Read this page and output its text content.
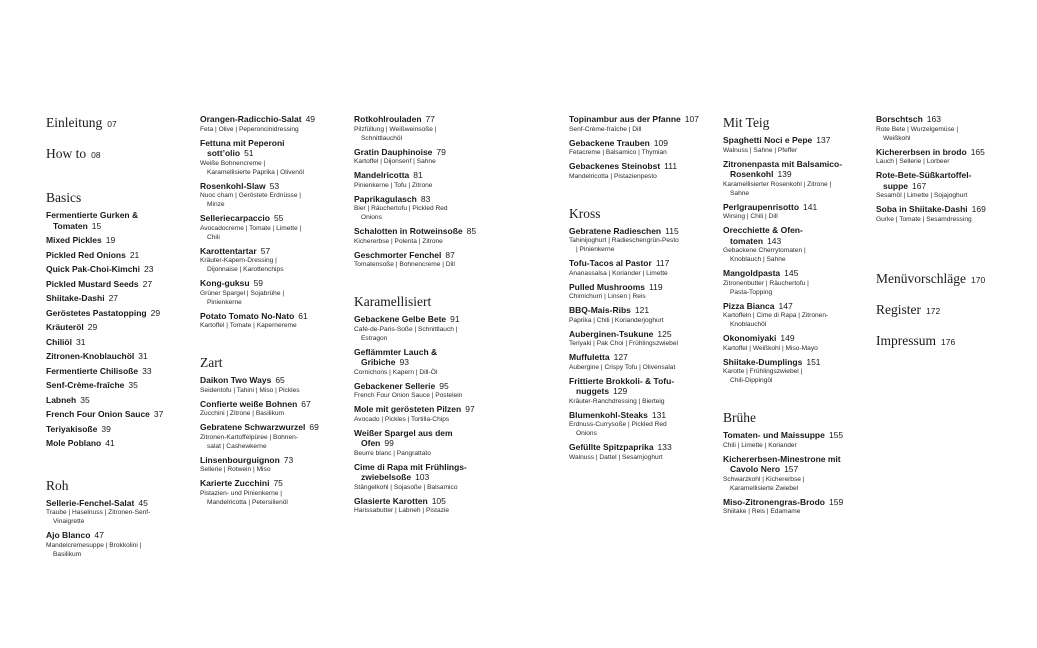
Einleitung 07
How to 08
Basics
Fermentierte Gurken &
Tomaten 15
Mixed Pickles 19
Pickled Red Onions 21
Quick Pak-Choi-Kimchi 23
Pickled Mustard Seeds 27
Shiitake-Dashi 27
Geröstetes Pastatopping 29
Kräuteröl 29
Chiliöl 31
Zitronen-Knoblauchöl 31
Fermentierte Chilisoße 33
Senf-Crème-fraîche 35
Labneh 35
French Four Onion Sauce 37
Teriyakisoße 39
Mole Poblano 41
Roh
Sellerie-Fenchel-Salat 45
Traube | Haselnuss | Zitronen-Senf-
Vinaigrette
Ajo Blanco 47
Mandelcremesuppe | Brokkolini |
Basilikum
Orangen-Radicchio-Salat 49
Feta | Olive | Peperoncinidressing
Fettuna mit Peperoni
sott’olio 51
Weiße Bohnencreme |
Karamellisierte Paprika | Olivenöl
Rosenkohl-Slaw 53
Nuoc cham | Geröstete Erdnüsse |
Minze
Selleriecarpaccio 55
Avocadocreme | Tomate | Limette |
Chili
Karottentartar 57
Kräuter-Kapern-Dressing |
Dijonnaise | Karottenchips
Kong-guksu 59
Grüner Spargel | Sojabrühe |
Pinienkerne
Potato Tomato No-Nato 61
Kartoffel | Tomate | Kapernereme
Zart
Daikon Two Ways 65
Seidentofu | Tahini | Miso | Pickles
Confierte weiße Bohnen 67
Zucchini | Zitrone | Basilikum
Gebratene Schwarzwurzel 69
Zitronen-Kartoffelpüree | Bohnen-
salat | Cashewkerne
Linsenbourguignon 73
Sellerie | Rotwein | Miso
Karierte Zucchini 75
Pistazien- und Pinienkerne |
Mandelricotta | Petersilienöl
Rotkohlrouladen 77
Pilzfüllung | Weißweinsoße |
Schnittlauchöl
Gratin Dauphinoise 79
Kartoffel | Dijonsenf | Sahne
Mandelricotta 81
Pinienkerne | Tofu | Zitrone
Paprikagulasch 83
Bier | Räuchertofu | Pickled Red
Onions
Schalotten in Rotweinsoße 85
Kichererbse | Polenta | Zitrone
Geschmorter Fenchel 87
Tomatensoße | Bohnencreme | Dill
Karamellisiert
Gebackene Gelbe Bete 91
Café-de-Paris-Soße | Schnittlauch |
Estragon
Geflämmter Lauch &
Gribiche 93
Cornichons | Kapern | Dill-Öl
Gebackener Sellerie 95
French Four Onion Sauce | Postelein
Mole mit gerösteten Pilzen 97
Avocado | Pickles | Tortilla-Chips
Weißer Spargel aus dem
Ofen 99
Beurre blanc | Pangrattato
Cime di Rapa mit Frühlings-
zwiebelsoße 103
Stängelkohl | Sojasoße | Balsamico
Glasierte Karotten 105
Harissabutter | Labneh | Pistazie
Topinambur aus der Pfanne 107
Senf-Crème-fraîche | Dill
Gebackene Trauben 109
Fetacreme | Balsamico | Thymian
Gebackenes Steinobst 111
Mandelricotta | Pistazienpesto
Kross
Gebratene Radieschen 115
Tahinijoghurt | Radieschengrün-Pesto
| Pinienkerne
Tofu-Tacos al Pastor 117
Ananassalsa | Koriander | Limette
Pulled Mushrooms 119
Chimichurri | Linsen | Reis
BBQ-Mais-Ribs 121
Paprika | Chili | Korianderjoghurt
Auberginen-Tsukune 125
Teriyaki | Pak Choi | Frühlingszwiebel
Muffuletta 127
Aubergine | Crispy Tofu | Olivensalat
Frittierte Brokkoli- & Tofu-
nuggets 129
Kräuter-Ranchdressing | Bierteig
Blumenkohl-Steaks 131
Erdnuss-Currysoße | Pickled Red
Onions
Gefüllte Spitzpaprika 133
Walnuss | Dattel | Sesamjoghurt
Mit Teig
Spaghetti Noci e Pepe 137
Walnuss | Sahne | Pfeffer
Zitronenpasta mit Balsamico-
Rosenkohl 139
Karamellisierter Rosenkohl | Zitrone |
Sahne
Perlgraupenrisotto 141
Wirsing | Chili | Dill
Orecchiette & Ofen-
tomaten 143
Gebackene Cherrytomaten |
Knoblauch | Sahne
Mangoldpasta 145
Zitronenbutter | Räuchertofu |
Pasta-Topping
Pizza Bianca 147
Kartoffeln | Cime di Rapa | Zitronen-
Knoblauchöl
Okonomiyaki 149
Kartoffel | Weißkohl | Miso-Mayo
Shiitake-Dumplings 151
Karotte | Frühlingszwiebel |
Chili-Dippingöl
Brühe
Tomaten- und Maissuppe 155
Chili | Limette | Koriander
Kichererbsen-Minestrone mit
Cavolo Nero 157
Schwarzkohl | Kichererbse |
Karamellisierte Zwiebel
Miso-Zitronengras-Brodo 159
Shiitake | Reis | Edamame
Borschtsch 163
Rote Bete | Wurzelgemüse |
Weißkohl
Kichererbsen in brodo 165
Lauch | Sellerie | Lorbeer
Rote-Bete-Süßkartoffel-
suppe 167
Sesamöl | Limette | Sojajoghurt
Soba in Shiitake-Dashi 169
Gurke | Tomate | Sesamdressing
Menüvorschläge 170
Register 172
Impressum 176
